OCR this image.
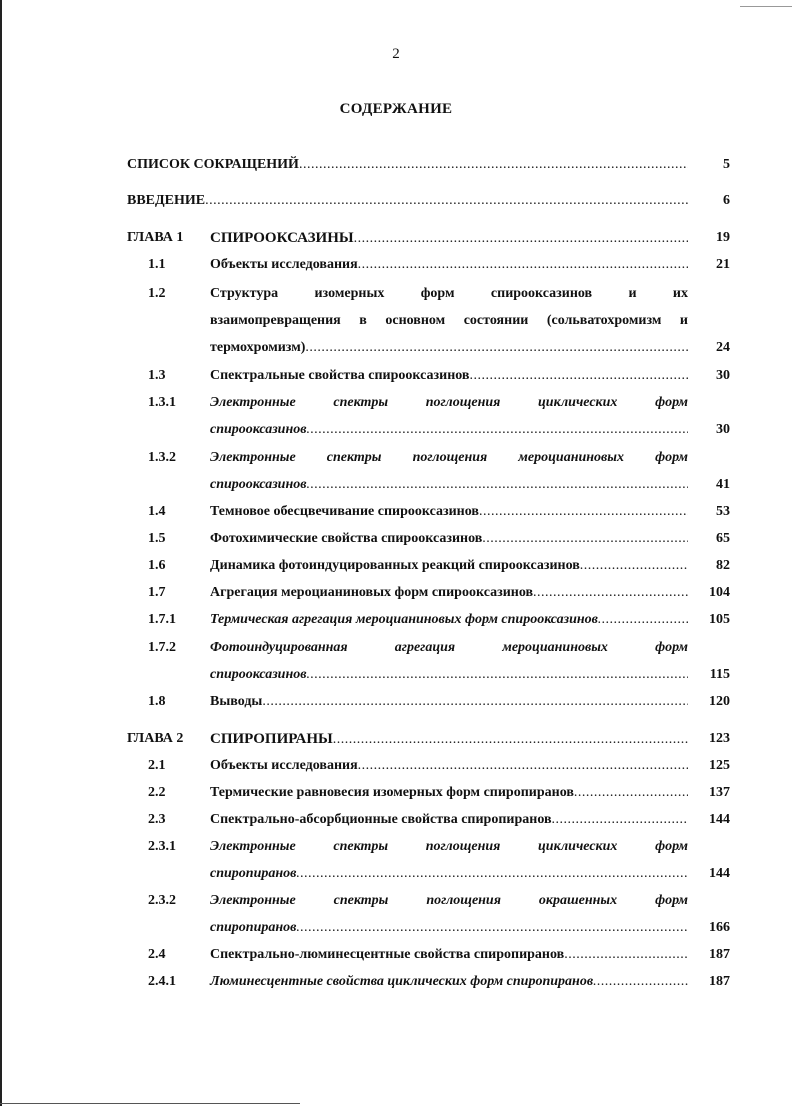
2
СОДЕРЖАНИЕ
СПИСОК СОКРАЩЕНИЙ .....	5
ВВЕДЕНИЕ .....	6
ГЛАВА 1 СПИРООКСАЗИНЫ .....	19
1.1	Объекты исследования .....	21
1.2	Структура изомерных форм спирооксазинов и их
взаимопревращения в основном состоянии (сольватохромизм и
термохромизм) .....	24
1.3	Спектральные свойства спирооксазинов .....	30
1.3.1 Электронные спектры поглощения циклических форм
спирооксазинов .....	30
1.3.2 Электронные спектры поглощения мероцианиновых форм
спирооксазинов .....	41
1.4	Темновое обесцвечивание спирооксазинов .....	53
1.5	Фотохимические свойства спирооксазинов .....	65
1.6	Динамика фотоиндуцированных реакций спирооксазинов .....	82
1.7	Агрегация мероцианиновых форм спирооксазинов .....	104
1.7.1 Термическая агрегация мероцианиновых форм спирооксазинов .....	105
1.7.2 Фотоиндуцированная агрегация мероцианиновых форм
спирооксазинов .....	115
1.8	Выводы .....	120
ГЛАВА 2 СПИРОПИРАНЫ .....	123
2.1	Объекты исследования .....	125
2.2	Термические равновесия изомерных форм спиропиранов .....	137
2.3	Спектрально-абсорбционные свойства спиропиранов .....	144
2.3.1 Электронные спектры поглощения циклических форм
спиропиранов .....	144
2.3.2 Электронные спектры поглощения окрашенных форм
спиропиранов .....	166
2.4	Спектрально-люминесцентные свойства спиропиранов .....	187
2.4.1 Люминесцентные свойства циклических форм спиропиранов .....	187
